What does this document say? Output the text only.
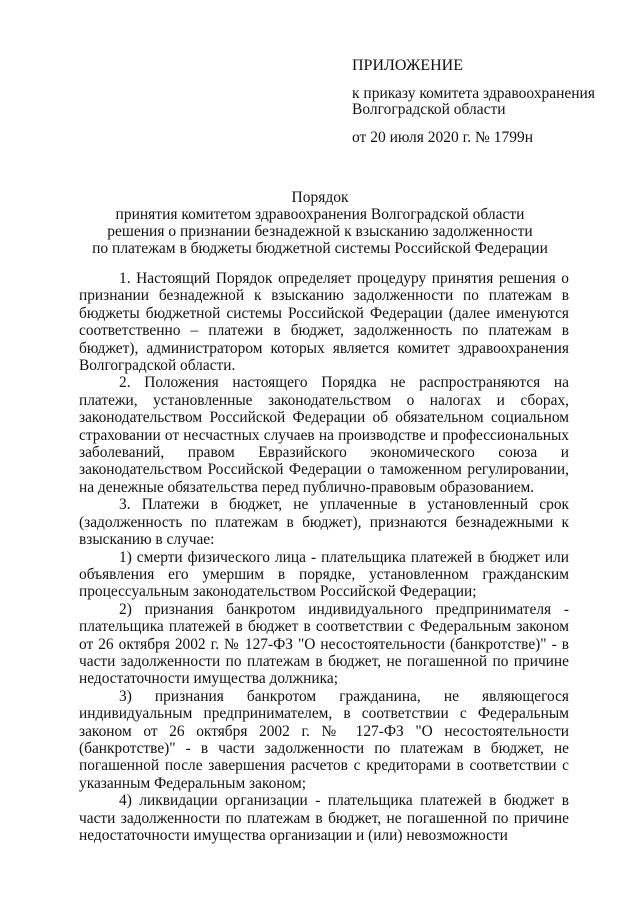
ПРИЛОЖЕНИЕ

к приказу комитета здравоохранения

Волгоградской области

от 20 июля 2020 г. № 1799н

Порядок

принятия комитетом здравоохранения Волгоградской области

решения о признании безнадежной к взысканию задолженности

по платежам в бюджеты бюджетной системы Российской Федерации

1. Настоящий Порядок определяет процедуру принятия решения о признании безнадежной к взысканию задолженности по платежам в бюджеты бюджетной системы Российской Федерации (далее именуются соответственно – платежи в бюджет, задолженность по платежам в бюджет), администратором которых является комитет здравоохранения Волгоградской области.

2. Положения настоящего Порядка не распространяются на платежи, установленные законодательством о налогах и сборах, законодательством Российской Федерации об обязательном социальном страховании от несчастных случаев на производстве и профессиональных заболеваний, правом Евразийского экономического союза и законодательством Российской Федерации о таможенном регулировании, на денежные обязательства перед публично-правовым образованием.

3. Платежи в бюджет, не уплаченные в установленный срок (задолженность по платежам в бюджет), признаются безнадежными к взысканию в случае:

1) смерти физического лица - плательщика платежей в бюджет или объявления его умершим в порядке, установленном гражданским процессуальным законодательством Российской Федерации;

2) признания банкротом индивидуального предпринимателя - плательщика платежей в бюджет в соответствии с Федеральным законом от 26 октября 2002 г. № 127-ФЗ "О несостоятельности (банкротстве)" - в части задолженности по платежам в бюджет, не погашенной по причине недостаточности имущества должника;

3) признания банкротом гражданина, не являющегося индивидуальным предпринимателем, в соответствии с Федеральным законом от 26 октября 2002 г. № 127-ФЗ "О несостоятельности (банкротстве)" - в части задолженности по платежам в бюджет, не погашенной после завершения расчетов с кредиторами в соответствии с указанным Федеральным законом;

4) ликвидации организации - плательщика платежей в бюджет в части задолженности по платежам в бюджет, не погашенной по причине недостаточности имущества организации и (или) невозможности
